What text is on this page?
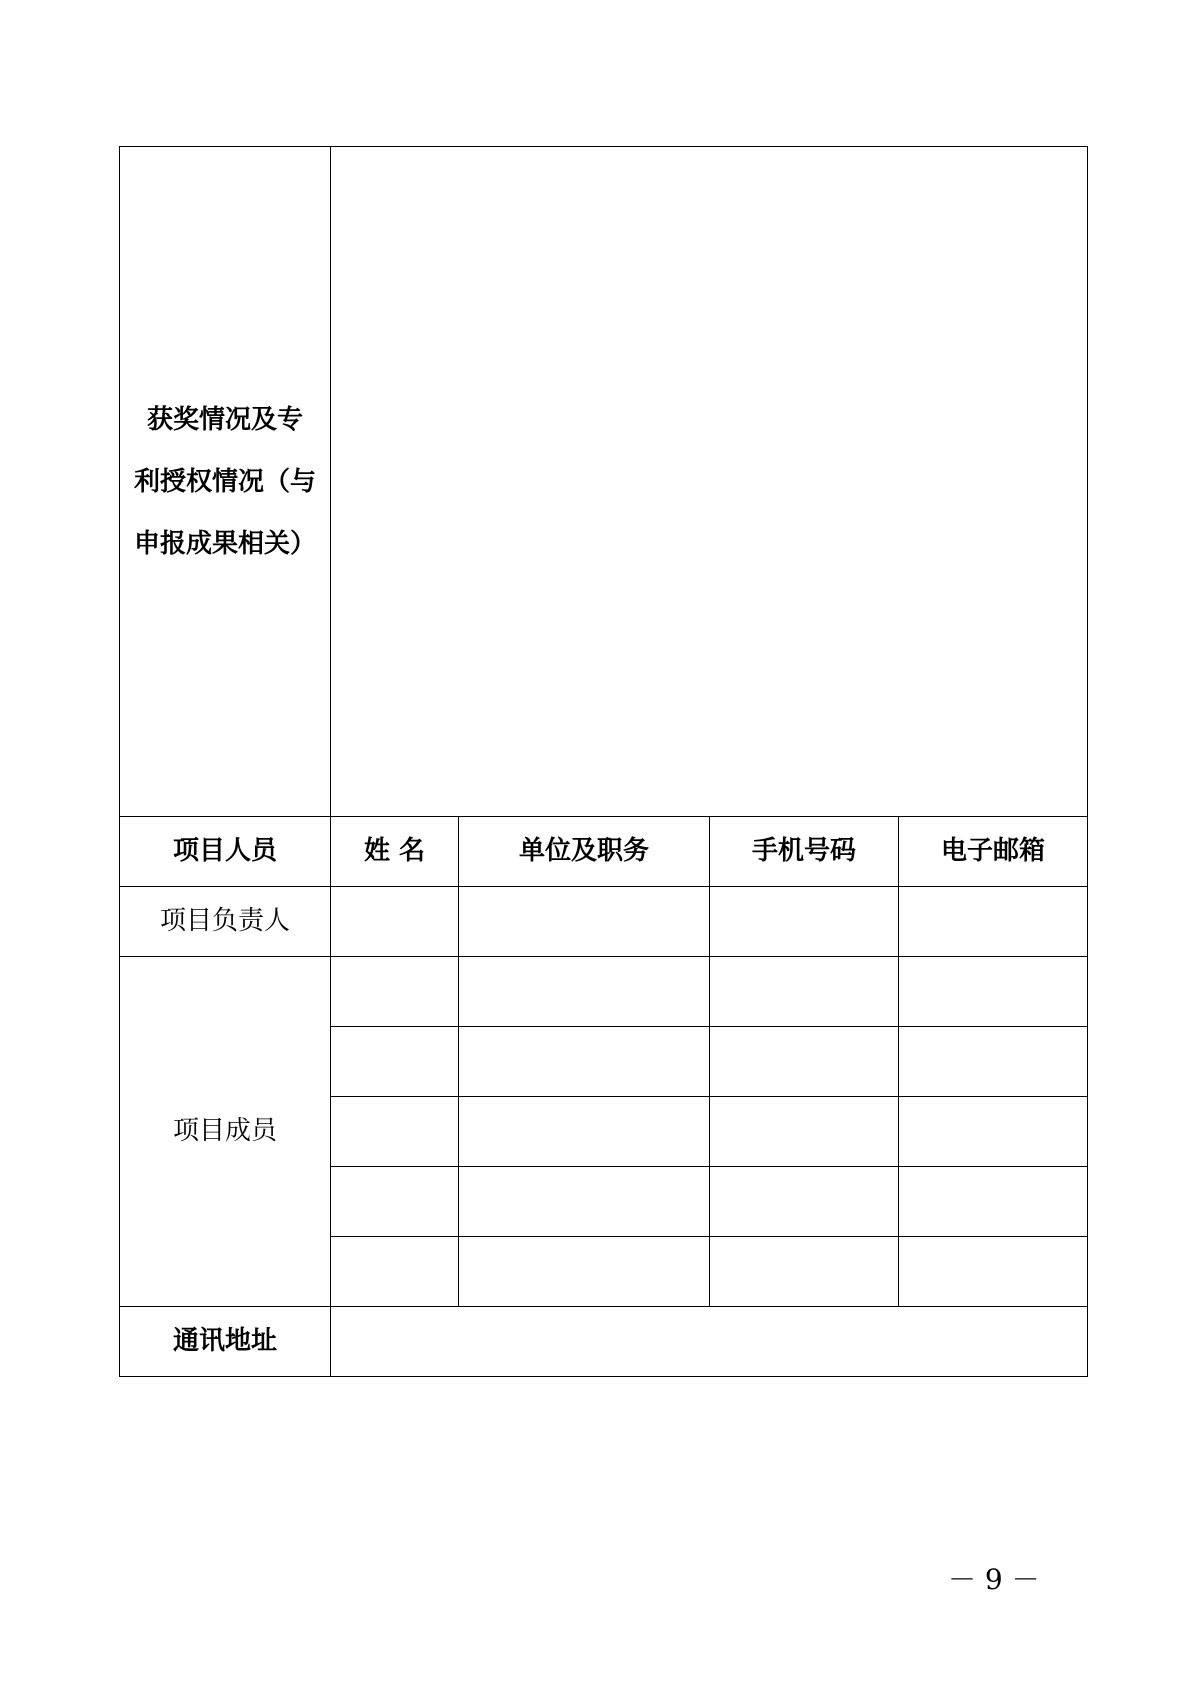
获奖情况及专
利授权情况（与
申报成果相关）				

项目人员	姓 名	单位及职务	手机号码	电子邮箱
项目负责人				
项目成员				

通讯地址				
－ 9 －
